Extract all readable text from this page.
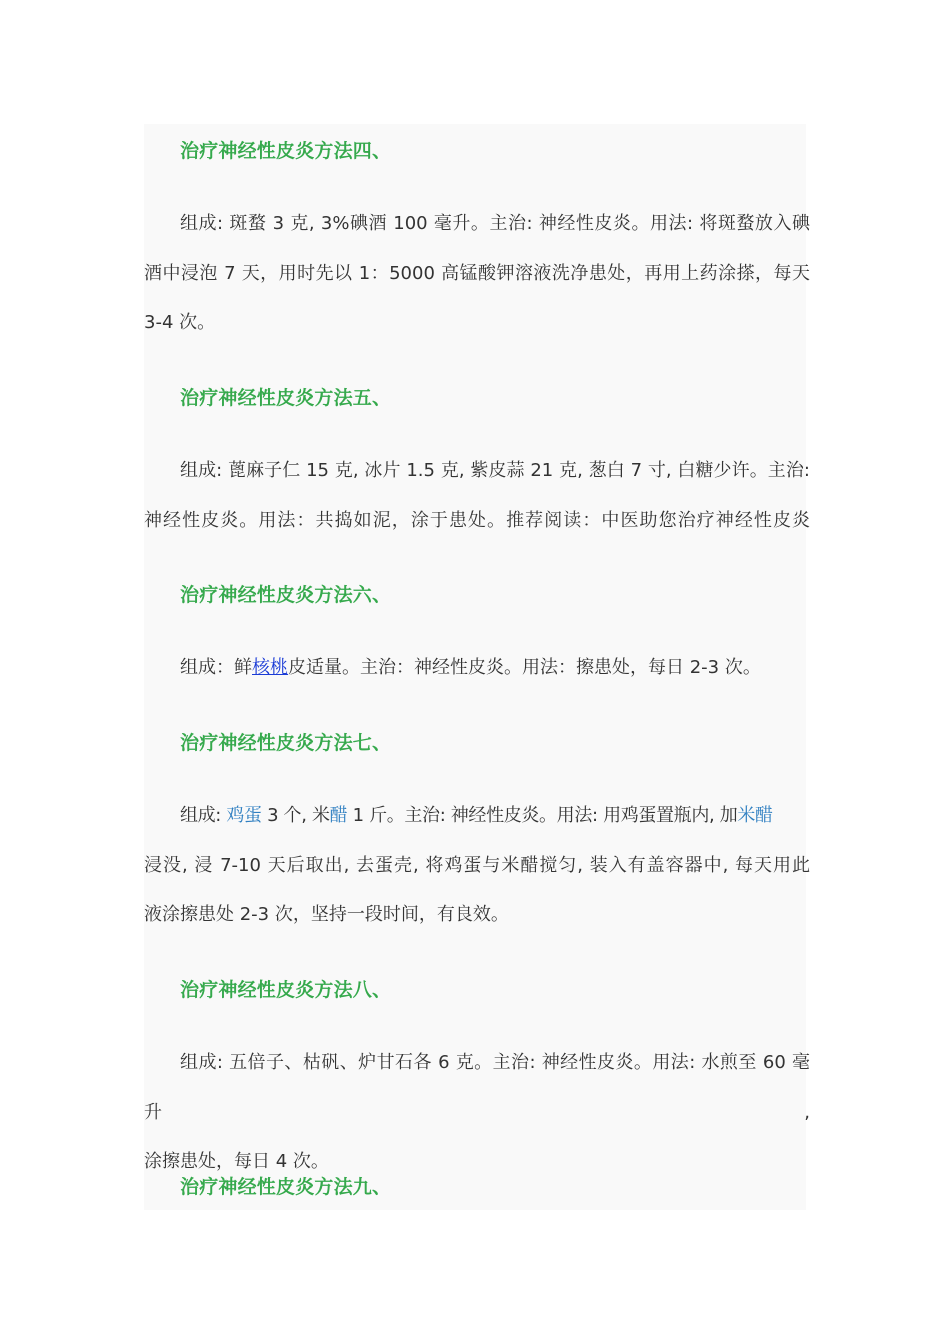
治疗神经性皮炎方法四、
组成: 斑蝥 3 克, 3%碘酒 100 毫升。主治: 神经性皮炎。用法: 将斑蝥放入碘
酒中浸泡 7 天，用时先以 1：5000 高锰酸钾溶液洗净患处，再用上药涂搽，每天
3-4 次。
治疗神经性皮炎方法五、
组成: 蓖麻子仁 15 克, 冰片 1.5 克, 紫皮蒜 21 克, 葱白 7 寸, 白糖少许。主治:
神经性皮炎。用法：共捣如泥，涂于患处。推荐阅读：中医助您治疗神经性皮炎
治疗神经性皮炎方法六、
组成：鲜核桃皮适量。主治：神经性皮炎。用法：擦患处，每日 2-3 次。
治疗神经性皮炎方法七、
组成: 鸡蛋 3 个, 米醋 1 斤。主治: 神经性皮炎。用法: 用鸡蛋置瓶内, 加米醋
浸没, 浸 7-10 天后取出, 去蛋壳, 将鸡蛋与米醋搅匀, 装入有盖容器中, 每天用此
液涂擦患处 2-3 次，坚持一段时间，有良效。
治疗神经性皮炎方法八、
组成: 五倍子、枯矾、炉甘石各 6 克。主治: 神经性皮炎。用法: 水煎至 60 毫升,
涂擦患处，每日 4 次。
治疗神经性皮炎方法九、
